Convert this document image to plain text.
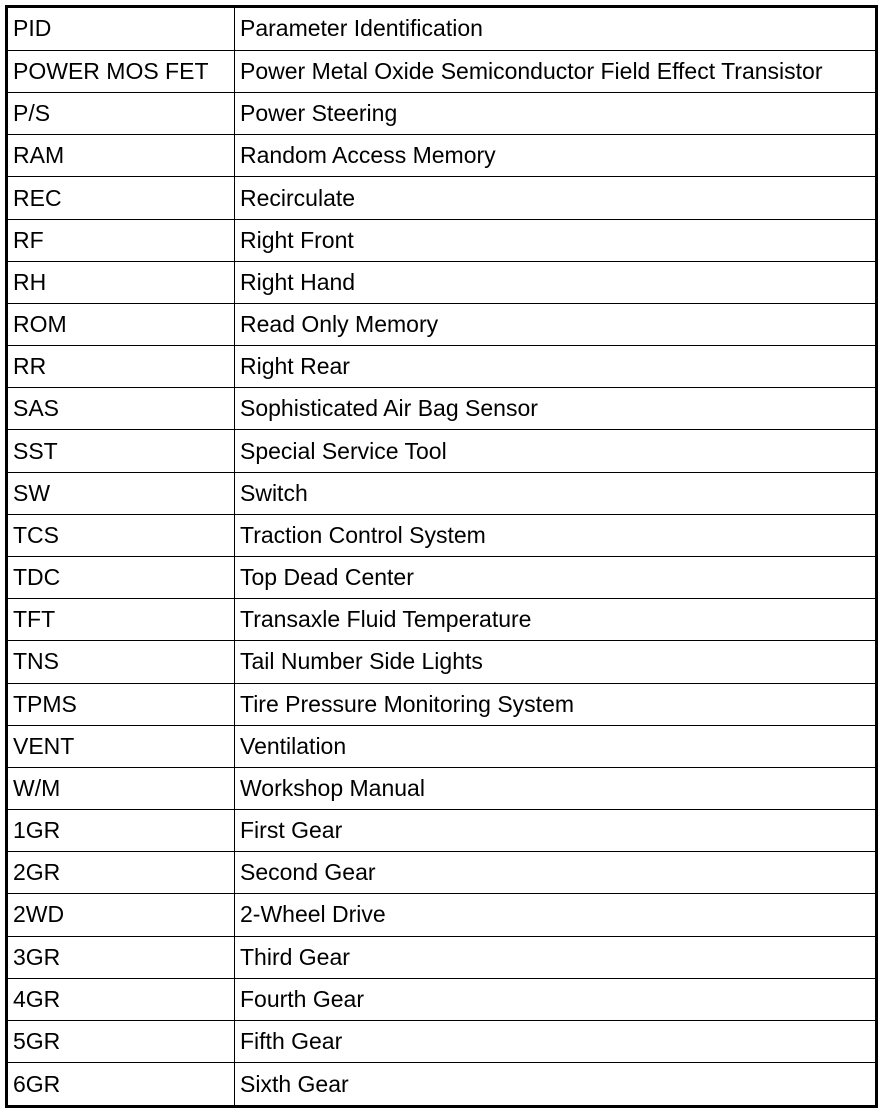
PID	Parameter Identification
POWER MOS FET	Power Metal Oxide Semiconductor Field Effect Transistor
P/S	Power Steering
RAM	Random Access Memory
REC	Recirculate
RF	Right Front
RH	Right Hand
ROM	Read Only Memory
RR	Right Rear
SAS	Sophisticated Air Bag Sensor
SST	Special Service Tool
SW	Switch
TCS	Traction Control System
TDC	Top Dead Center
TFT	Transaxle Fluid Temperature
TNS	Tail Number Side Lights
TPMS	Tire Pressure Monitoring System
VENT	Ventilation
W/M	Workshop Manual
1GR	First Gear
2GR	Second Gear
2WD	2-Wheel Drive
3GR	Third Gear
4GR	Fourth Gear
5GR	Fifth Gear
6GR	Sixth Gear
